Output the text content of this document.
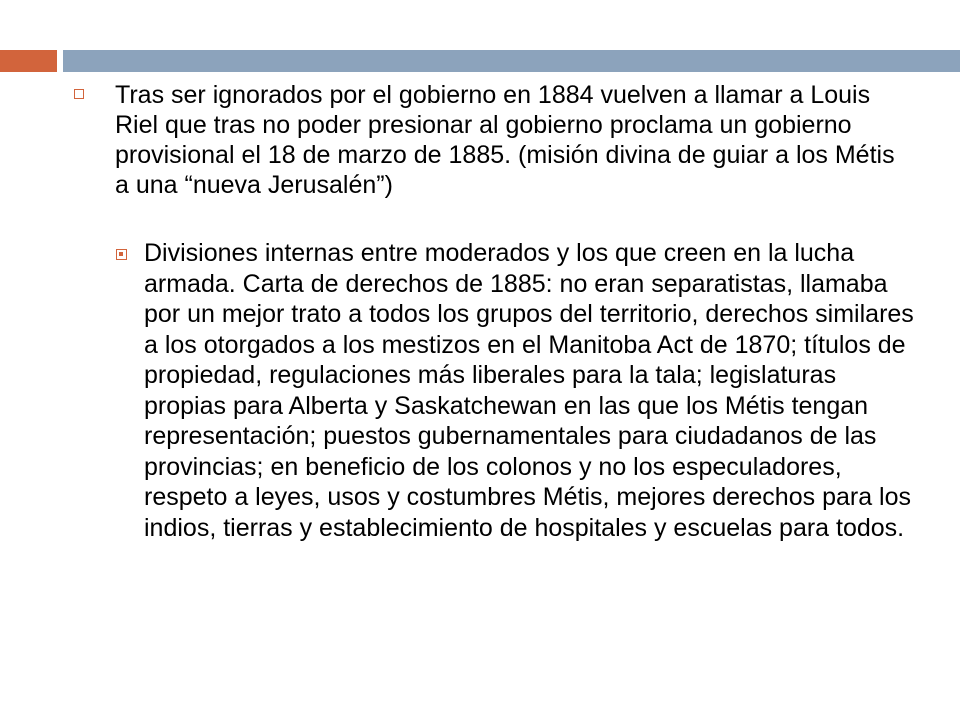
Tras ser ignorados por el gobierno en 1884 vuelven a llamar a Louis Riel que tras no poder presionar al gobierno proclama un gobierno provisional el 18 de marzo de 1885. (misión divina de guiar a los Métis a una “nueva Jerusalén”)
Divisiones internas entre moderados y los que creen en la lucha armada. Carta de derechos de 1885: no eran separatistas, llamaba por un mejor trato a todos los grupos del territorio, derechos similares a los otorgados a los mestizos en el Manitoba Act de 1870; títulos de propiedad, regulaciones más liberales para la tala; legislaturas propias para Alberta y Saskatchewan en las que los Métis tengan representación; puestos gubernamentales para ciudadanos de las provincias; en beneficio de los colonos y no los especuladores, respeto a leyes, usos y costumbres Métis, mejores derechos para los indios, tierras y establecimiento de hospitales y escuelas para todos.
